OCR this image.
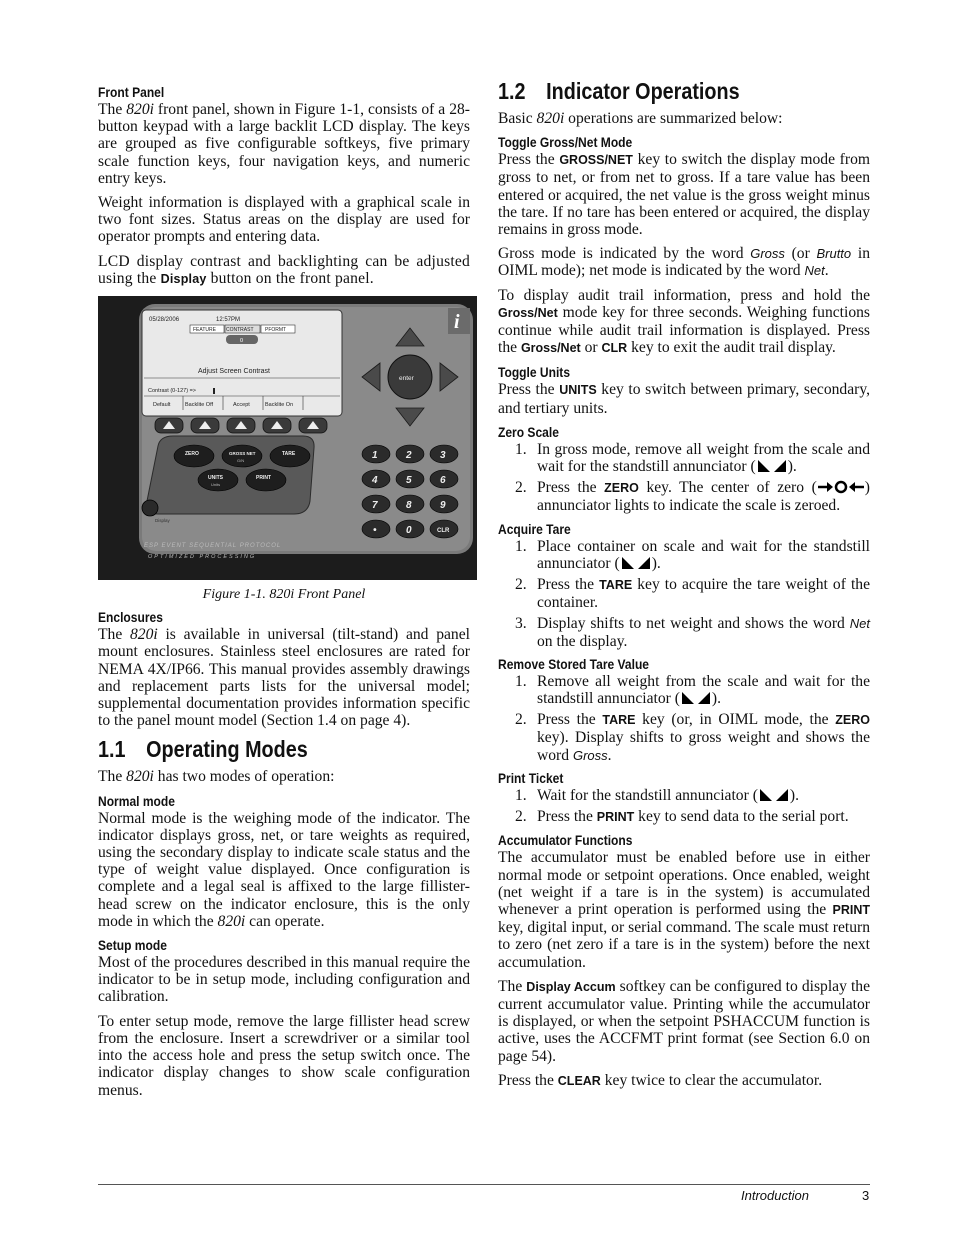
Front Panel

The 820i front panel, shown in Figure 1-1, consists of a 28-button keypad with a large backlit LCD display. The keys are grouped as five configurable softkeys, five primary scale function keys, four navigation keys, and numeric entry keys.

Weight information is displayed with a graphical scale in two font sizes. Status areas on the display are used for operator prompts and entering data.

LCD display contrast and backlighting can be adjusted using the Display button on the front panel.

05/28/2006	12:57PM
FEATURE CONTRAST PFORMT
0
Adjust Screen Contrast
Contrast (0-127) =>
Default	Backlite Off	Accept	Backlite On
ZERO	GROSS NET
G/N
TARE
UNITS
Units
PRINT
Display
enter
i
1	2	3
4	5	6
7	8	9
•	0	CLR
ESP EVENT SEQUENTIAL PROTOCOL
OPTIMIZED PROCESSING

Figure 1-1. 820i Front Panel

Enclosures

The 820i is available in universal (tilt-stand) and panel mount enclosures. Stainless steel enclosures are rated for NEMA 4X/IP66. This manual provides assembly drawings and replacement parts lists for the universal model; supplemental documentation provides information specific to the panel mount model (Section 1.4 on page 4).

1.1 Operating Modes

The 820i has two modes of operation:

Normal mode

Normal mode is the weighing mode of the indicator. The indicator displays gross, net, or tare weights as required, using the secondary display to indicate scale status and the type of weight value displayed. Once configuration is complete and a legal seal is affixed to the large fillister-head screw on the indicator enclosure, this is the only mode in which the 820i can operate.

Setup mode

Most of the procedures described in this manual require the indicator to be in setup mode, including configuration and calibration.

To enter setup mode, remove the large fillister head screw from the enclosure. Insert a screwdriver or a similar tool into the access hole and press the setup switch once. The indicator display changes to show scale configuration menus.

1.2 Indicator Operations

Basic 820i operations are summarized below:

Toggle Gross/Net Mode

Press the GROSS/NET key to switch the display mode from gross to net, or from net to gross. If a tare value has been entered or acquired, the net value is the gross weight minus the tare. If no tare has been entered or acquired, the display remains in gross mode.

Gross mode is indicated by the word Gross (or Brutto in OIML mode); net mode is indicated by the word Net.

To display audit trail information, press and hold the Gross/Net mode key for three seconds. Weighing functions continue while audit trail information is displayed. Press the Gross/Net or CLR key to exit the audit trail display.

Toggle Units

Press the UNITS key to switch between primary, secondary, and tertiary units.

Zero Scale
1. In gross mode, remove all weight from the scale and wait for the standstill annunciator ( ).
2. Press the ZERO key. The center of zero (	) annunciator lights to indicate the scale is zeroed.
Acquire Tare
1. Place container on scale and wait for the standstill annunciator ( ).
2. Press the TARE key to acquire the tare weight of the container.
3. Display shifts to net weight and shows the word Net on the display.
Remove Stored Tare Value
1. Remove all weight from the scale and wait for the standstill annunciator ( ).
2. Press the TARE key (or, in OIML mode, the ZERO key). Display shifts to gross weight and shows the word Gross.
Print Ticket
1. Wait for the standstill annunciator ( ).
2. Press the PRINT key to send data to the serial port.
Accumulator Functions

The accumulator must be enabled before use in either normal mode or setpoint operations. Once enabled, weight (net weight if a tare is in the system) is accumulated whenever a print operation is performed using the PRINT key, digital input, or serial command. The scale must return to zero (net zero if a tare is in the system) before the next accumulation.

The Display Accum softkey can be configured to display the current accumulator value. Printing while the accumulator is displayed, or when the setpoint PSHACCUM function is active, uses the ACCFMT print format (see Section 6.0 on page 54).

Press the CLEAR key twice to clear the accumulator.

Introduction	3
